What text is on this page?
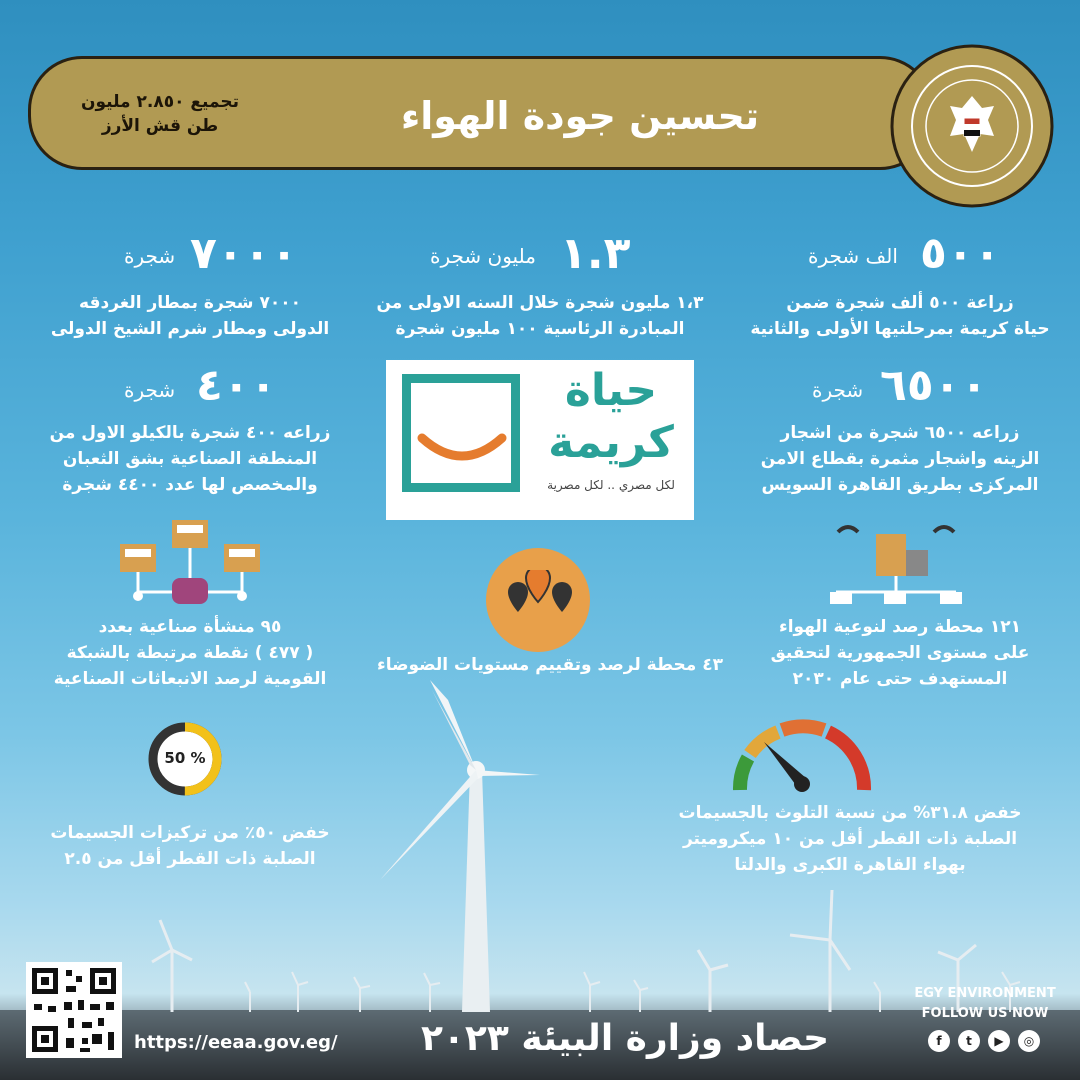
تحسين جودة الهواء
تجميع ٢.٨٥٠ مليون
طن قش الأرز
٥٠٠
الف شجرة
زراعة ٥٠٠ ألف شجرة ضمن
حياة كريمة بمرحلتيها الأولى والثانية
١.٣
مليون شجرة
١،٣ مليون شجرة خلال السنه الاولى من
المبادرة الرئاسية ١٠٠ مليون شجرة
٧٠٠٠
شجرة
٧٠٠٠ شجرة بمطار الغردقه
الدولى ومطار شرم الشيخ الدولى
٦٥٠٠
شجرة
زراعه ٦٥٠٠ شجرة من اشجار
الزينه واشجار مثمرة بقطاع الامن
المركزى بطريق القاهرة السويس
٤٠٠
شجرة
زراعه ٤٠٠ شجرة بالكيلو الاول من
المنطقة الصناعية بشق الثعبان
والمخصص لها عدد ٤٤٠٠ شجرة
حياة
كريمة
لكل مصري .. لكل مصرية
٩٥ منشأة صناعية بعدد
( ٤٧٧ ) نقطة مرتبطة بالشبكة
القومية لرصد الانبعاثات الصناعية
٤٣ محطة لرصد وتقييم مستويات الضوضاء
١٢١ محطة رصد لنوعية الهواء
على مستوى الجمهورية لتحقيق
المستهدف حتى عام ٢٠٣٠
50 %
خفض ٥٠٪ من تركيزات الجسيمات
الصلبة ذات القطر أقل من ٢.٥
خفض ٣١.٨% من نسبة التلوث بالجسيمات
الصلبة ذات القطر أقل من ١٠ ميكروميتر
بهواء القاهرة الكبرى والدلتا
https://eeaa.gov.eg/ حصاد وزارة البيئة ٢٠٢٣
EGY ENVIRONMENT
FOLLOW US NOW
f	t	▶	◎
